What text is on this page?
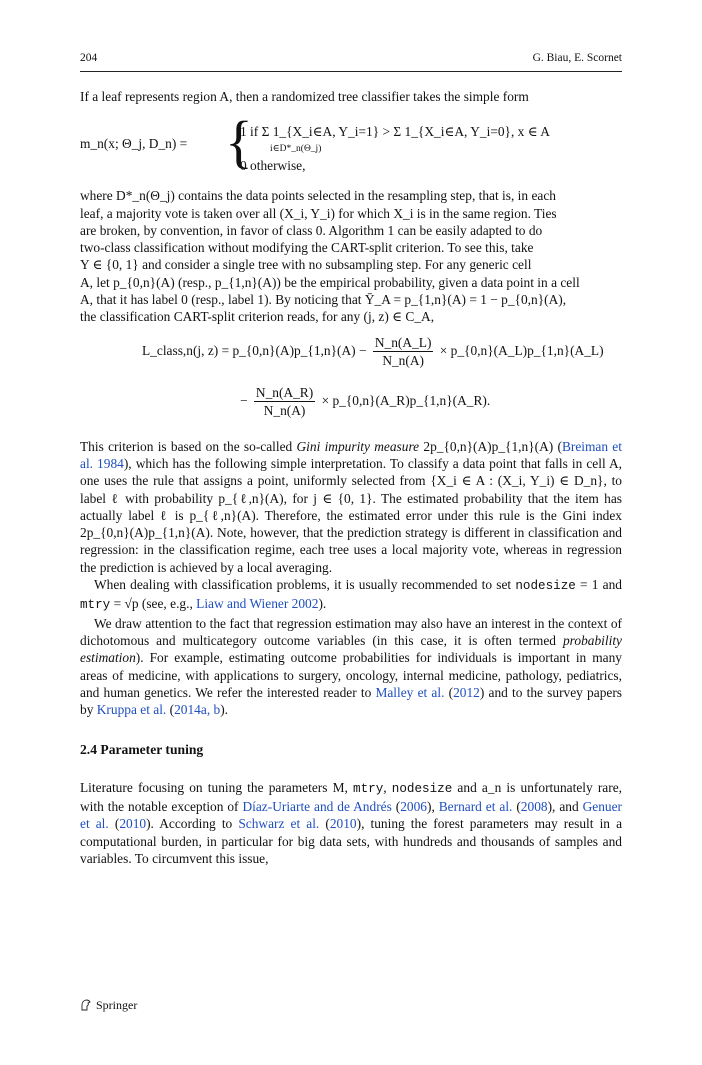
204	G. Biau, E. Scornet

If a leaf represents region A, then a randomized tree classifier takes the simple form

m_n(x; Θ_j, D_n) = {
1 if Σ 1_{X_i∈A, Y_i=1} > Σ 1_{X_i∈A, Y_i=0}, x ∈ A
i∈D*_n(Θ_j)
0 otherwise,

where D*_n(Θ_j) contains the data points selected in the resampling step, that is, in each

leaf, a majority vote is taken over all (X_i, Y_i) for which X_i is in the same region. Ties

are broken, by convention, in favor of class 0. Algorithm 1 can be easily adapted to do

two-class classification without modifying the CART-split criterion. To see this, take

Y ∈ {0, 1} and consider a single tree with no subsampling step. For any generic cell

A, let p_{0,n}(A) (resp., p_{1,n}(A)) be the empirical probability, given a data point in a cell

A, that it has label 0 (resp., label 1). By noticing that Ȳ_A = p_{1,n}(A) = 1 − p_{0,n}(A),

the classification CART-split criterion reads, for any (j, z) ∈ C_A,

L_class,n(j, z) = p_{0,n}(A)p_{1,n}(A) − $\frac{N\_n(A\_L)}{N\_n(A)}$ × p_{0,n}(A_L)p_{1,n}(A_L)
− $\frac{N\_n(A\_R)}{N\_n(A)}$ × p_{0,n}(A_R)p_{1,n}(A_R).

This criterion is based on the so-called Gini impurity measure 2p_{0,n}(A)p_{1,n}(A) (Breiman et al. 1984), which has the following simple interpretation. To classify a data point that falls in cell A, one uses the rule that assigns a point, uniformly selected from {X_i ∈ A : (X_i, Y_i) ∈ D_n}, to label ℓ with probability p_{ℓ,n}(A), for j ∈ {0, 1}. The estimated probability that the item has actually label ℓ is p_{ℓ,n}(A). Therefore, the estimated error under this rule is the Gini index 2p_{0,n}(A)p_{1,n}(A). Note, however, that the prediction strategy is different in classification and regression: in the classification regime, each tree uses a local majority vote, whereas in regression the prediction is achieved by a local averaging.

When dealing with classification problems, it is usually recommended to set nodesize = 1 and mtry = √p (see, e.g., Liaw and Wiener 2002).

We draw attention to the fact that regression estimation may also have an interest in the context of dichotomous and multicategory outcome variables (in this case, it is often termed probability estimation). For example, estimating outcome probabilities for individuals is important in many areas of medicine, with applications to surgery, oncology, internal medicine, pathology, pediatrics, and human genetics. We refer the interested reader to Malley et al. (2012) and to the survey papers by Kruppa et al. (2014a, b).

2.4 Parameter tuning

Literature focusing on tuning the parameters M, mtry, nodesize and a_n is unfortunately rare, with the notable exception of Díaz-Uriarte and de Andrés (2006), Bernard et al. (2008), and Genuer et al. (2010). According to Schwarz et al. (2010), tuning the forest parameters may result in a computational burden, in particular for big data sets, with hundreds and thousands of samples and variables. To circumvent this issue,

Springer
